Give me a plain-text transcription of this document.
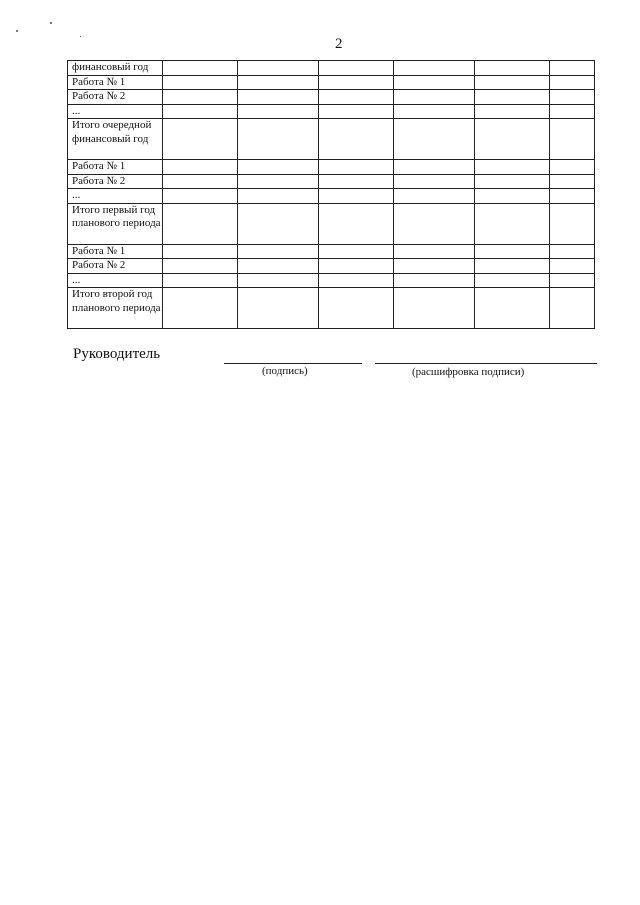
2
финансовый год						
Работа № 1						
Работа № 2						
...						
Итого очередной финансовый год						
Работа № 1						
Работа № 2						
...						
Итого первый год планового периода						
Работа № 1						
Работа № 2						
...						
Итого второй год планового периода						
Руководитель
(подпись)	(расшифровка подписи)
